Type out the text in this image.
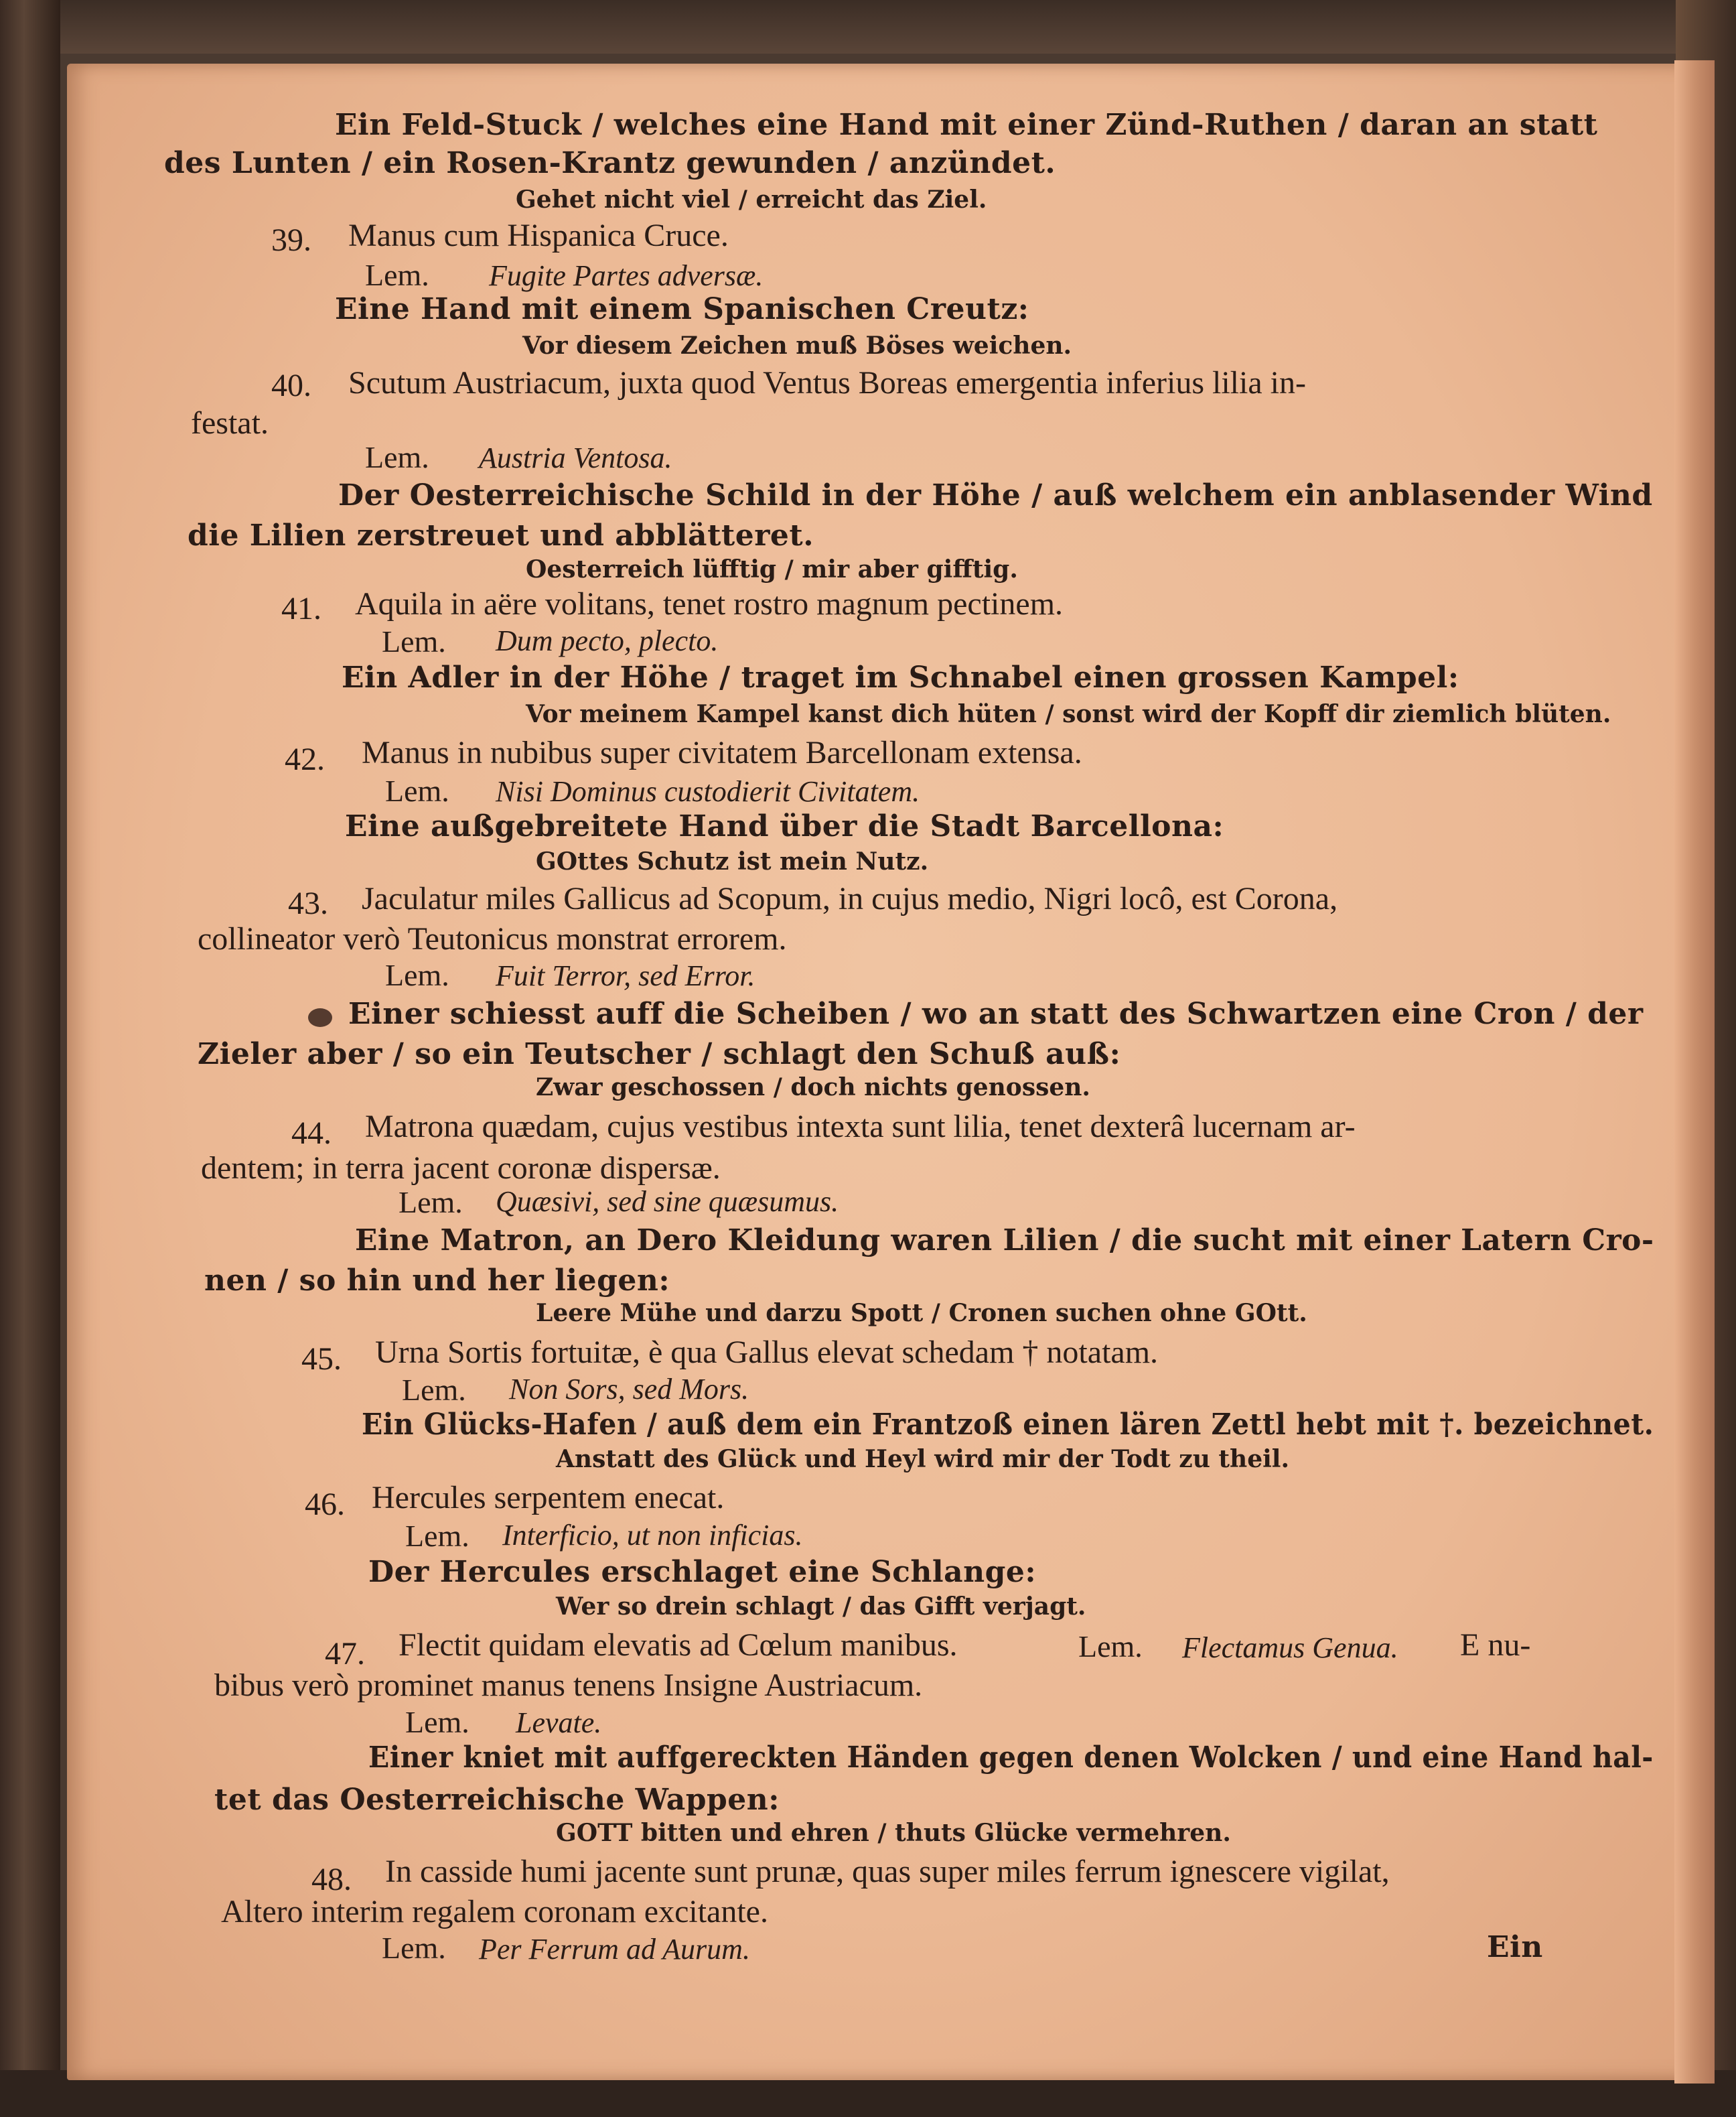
Ein Feld-Stuck / welches eine Hand mit einer Zünd-Ruthen / daran an statt
des Lunten / ein Rosen-Krantz gewunden / anzündet.
Gehet nicht viel / erreicht das Ziel.
39. Manus cum Hispanica Cruce.
Lem. Fugite Partes adversæ.
Eine Hand mit einem Spanischen Creutz:
Vor diesem Zeichen muß Böses weichen.
40. Scutum Austriacum, juxta quod Ventus Boreas emergentia inferius lilia in-
festat.
Lem. Austria Ventosa.
Der Oesterreichische Schild in der Höhe / auß welchem ein anblasender Wind
die Lilien zerstreuet und abblätteret.
Oesterreich lüfftig / mir aber gifftig.
41. Aquila in aëre volitans, tenet rostro magnum pectinem.
Lem. Dum pecto, plecto.
Ein Adler in der Höhe / traget im Schnabel einen grossen Kampel:
Vor meinem Kampel kanst dich hüten / sonst wird der Kopff dir ziemlich blüten.
42. Manus in nubibus super civitatem Barcellonam extensa.
Lem. Nisi Dominus custodierit Civitatem.
Eine außgebreitete Hand über die Stadt Barcellona:
GOttes Schutz ist mein Nutz.
43. Jaculatur miles Gallicus ad Scopum, in cujus medio, Nigri locô, est Corona,
collineator verò Teutonicus monstrat errorem.
Lem. Fuit Terror, sed Error.
Einer schiesst auff die Scheiben / wo an statt des Schwartzen eine Cron / der
Zieler aber / so ein Teutscher / schlagt den Schuß auß:
Zwar geschossen / doch nichts genossen.
44. Matrona quædam, cujus vestibus intexta sunt lilia, tenet dexterâ lucernam ar-
dentem; in terra jacent coronæ dispersæ.
Lem. Quæsivi, sed sine quæsumus.
Eine Matron, an Dero Kleidung waren Lilien / die sucht mit einer Latern Cro-
nen / so hin und her liegen:
Leere Mühe und darzu Spott / Cronen suchen ohne GOtt.
45. Urna Sortis fortuitæ, è qua Gallus elevat schedam † notatam.
Lem. Non Sors, sed Mors.
Ein Glücks-Hafen / auß dem ein Frantzoß einen lären Zettl hebt mit †. bezeichnet.
Anstatt des Glück und Heyl wird mir der Todt zu theil.
46. Hercules serpentem enecat.
Lem. Interficio, ut non inficias.
Der Hercules erschlaget eine Schlange:
Wer so drein schlagt / das Gifft verjagt.
47. Flectit quidam elevatis ad Cœlum manibus.	Lem. Flectamus Genua. E nu-
bibus verò prominet manus tenens Insigne Austriacum.
Lem. Levate.
Einer kniet mit auffgereckten Händen gegen denen Wolcken / und eine Hand hal-
tet das Oesterreichische Wappen:
GOTT bitten und ehren / thuts Glücke vermehren.
48. In casside humi jacente sunt prunæ, quas super miles ferrum ignescere vigilat,
Altero interim regalem coronam excitante.
Lem. Per Ferrum ad Aurum.	Ein
